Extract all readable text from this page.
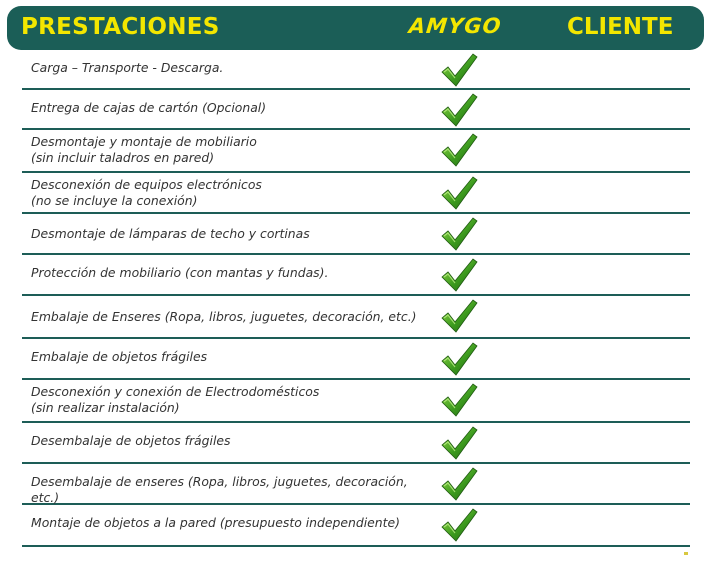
PRESTACIONES	AMYGO	CLIENTE
Carga – Transporte - Descarga.
Entrega de cajas de cartón (Opcional)
Desmontaje y montaje de mobiliario
(sin incluir taladros en pared)
Desconexión de equipos electrónicos
(no se incluye la conexión)
Desmontaje de lámparas de techo y cortinas
Protección de mobiliario (con mantas y fundas).
Embalaje de Enseres (Ropa, libros, juguetes, decoración, etc.)
Embalaje de objetos frágiles
Desconexión y conexión de Electrodomésticos
(sin realizar instalación)
Desembalaje de objetos frágiles
Desembalaje de enseres (Ropa, libros, juguetes, decoración, etc.)
Montaje de objetos a la pared (presupuesto independiente)
